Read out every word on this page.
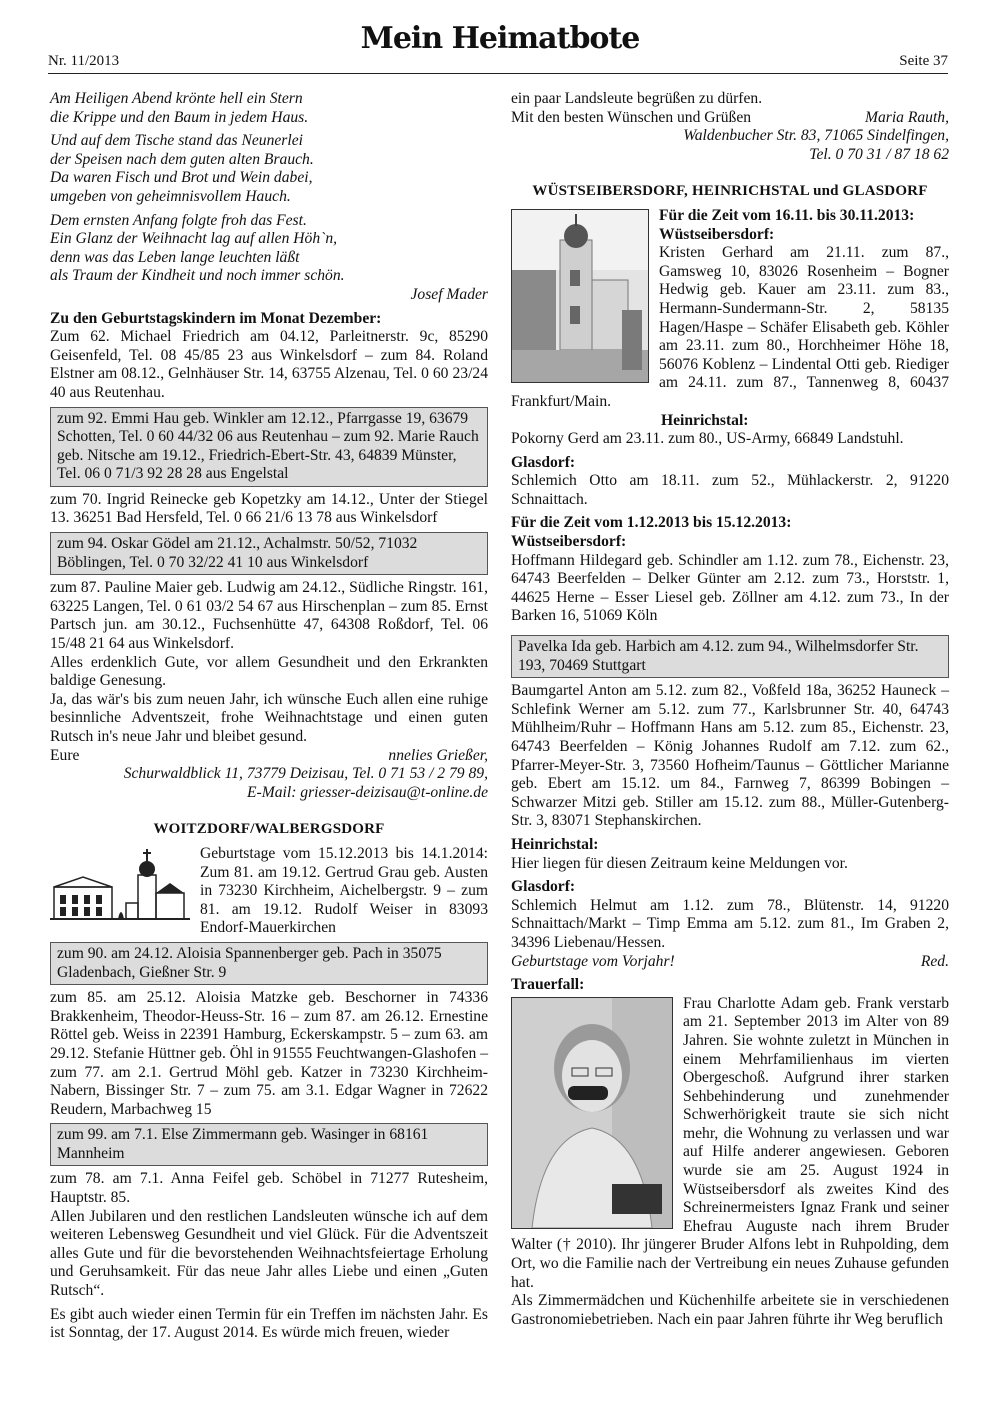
Nr. 11/2013
Mein Heimatbote
Seite 37

Am Heiligen Abend krönte hell ein Stern

die Krippe und den Baum in jedem Haus.

Und auf dem Tische stand das Neunerlei

der Speisen nach dem guten alten Brauch.

Da waren Fisch und Brot und Wein dabei,

umgeben von geheimnisvollem Hauch.

Dem ernsten Anfang folgte froh das Fest.

Ein Glanz der Weihnacht lag auf allen Höh`n,

denn was das Leben lange leuchten läßt

als Traum der Kindheit und noch immer schön.

Josef Mader

Zu den Geburtstagskindern im Monat Dezember:

Zum 62. Michael Friedrich am 04.12, Parleitnerstr. 9c, 85290 Geisenfeld, Tel. 08 45/85 23 aus Winkelsdorf – zum 84. Roland Elstner am 08.12., Gelnhäuser Str. 14, 63755 Alzenau, Tel. 0 60 23/24 40 aus Reutenhau.

zum 92. Emmi Hau geb. Winkler am 12.12., Pfarrgasse 19, 63679 Schotten, Tel. 0 60 44/32 06 aus Reutenhau – zum 92. Marie Rauch geb. Nitsche am 19.12., Friedrich-Ebert-Str. 43, 64839 Münster, Tel. 06 0 71/3 92 28 28 aus Engelstal

zum 70. Ingrid Reinecke geb Kopetzky am 14.12., Unter der Stiegel 13. 36251 Bad Hersfeld, Tel. 0 66 21/6 13 78 aus Winkelsdorf

zum 94. Oskar Gödel am 21.12., Achalmstr. 50/52, 71032 Böblingen, Tel. 0 70 32/22 41 10 aus Winkelsdorf

zum 87. Pauline Maier geb. Ludwig am 24.12., Südliche Ringstr. 161, 63225 Langen, Tel. 0 61 03/2 54 67 aus Hirschenplan – zum 85. Ernst Partsch jun. am 30.12., Fuchsenhütte 47, 64308 Roßdorf, Tel. 06 15/48 21 64 aus Winkelsdorf.

Alles erdenklich Gute, vor allem Gesundheit und den Erkrankten baldige Genesung.

Ja, das wär's bis zum neuen Jahr, ich wünsche Euch allen eine ruhige besinnliche Adventszeit, frohe Weihnachtstage und einen guten Rutsch in's neue Jahr und bleibet gesund.

Eure	nnelies Grießer,

Schurwaldblick 11, 73779 Deizisau, Tel. 0 71 53 / 2 79 89,

E-Mail: griesser-deizisau@t-online.de

WOITZDORF/WALBERGSDORF

Geburtstage vom 15.12.2013 bis 14.1.2014: Zum 81. am 19.12. Gertrud Grau geb. Austen in 73230 Kirchheim, Aichelbergstr. 9 – zum 81. am 19.12. Rudolf Weiser in 83093 Endorf-Mauerkirchen

zum 90. am 24.12. Aloisia Spannenberger geb. Pach in 35075 Gladenbach, Gießner Str. 9

zum 85. am 25.12. Aloisia Matzke geb. Beschorner in 74336 Brakkenheim, Theodor-Heuss-Str. 16 – zum 87. am 26.12. Ernestine Röttel geb. Weiss in 22391 Hamburg, Eckerskampstr. 5 – zum 63. am 29.12. Stefanie Hüttner geb. Öhl in 91555 Feuchtwangen-Glashofen – zum 77. am 2.1. Gertrud Möhl geb. Katzer in 73230 Kirchheim-Nabern, Bissinger Str. 7 – zum 75. am 3.1. Edgar Wagner in 72622 Reudern, Marbachweg 15

zum 99. am 7.1. Else Zimmermann geb. Wasinger in 68161 Mannheim

zum 78. am 7.1. Anna Feifel geb. Schöbel in 71277 Rutesheim, Hauptstr. 85.

Allen Jubilaren und den restlichen Landsleuten wünsche ich auf dem weiteren Lebensweg Gesundheit und viel Glück. Für die Adventszeit alles Gute und für die bevorstehenden Weihnachtsfeiertage Erholung und Geruhsamkeit. Für das neue Jahr alles Liebe und einen „Guten Rutsch“.

Es gibt auch wieder einen Termin für ein Treffen im nächsten Jahr. Es ist Sonntag, der 17. August 2014. Es würde mich freuen, wieder

ein paar Landsleute begrüßen zu dürfen.

Mit den besten Wünschen und Grüßen	Maria Rauth,

Waldenbucher Str. 83, 71065 Sindelfingen,

Tel. 0 70 31 / 87 18 62

WÜSTSEIBERSDORF, HEINRICHSTAL und GLASDORF

Für die Zeit vom 16.11. bis 30.11.2013:

Wüstseibersdorf:

Kristen Gerhard am 21.11. zum 87., Gamsweg 10, 83026 Rosenheim – Bogner Hedwig geb. Kauer am 23.11. zum 83., Hermann-Sundermann-Str. 2, 58135 Hagen/Haspe – Schäfer Elisabeth geb. Köhler am 23.11. zum 80., Horchheimer Höhe 18, 56076 Koblenz – Lindental Otti geb. Riediger am 24.11. zum 87., Tannenweg 8, 60437 Frankfurt/Main.

Heinrichstal:

Pokorny Gerd am 23.11. zum 80., US-Army, 66849 Landstuhl.

Glasdorf:

Schlemich Otto am 18.11. zum 52., Mühlackerstr. 2, 91220 Schnaittach.

Für die Zeit vom 1.12.2013 bis 15.12.2013:

Wüstseibersdorf:

Hoffmann Hildegard geb. Schindler am 1.12. zum 78., Eichenstr. 23, 64743 Beerfelden – Delker Günter am 2.12. zum 73., Horststr. 1, 44625 Herne – Esser Liesel geb. Zöllner am 4.12. zum 73., In der Barken 16, 51069 Köln

Pavelka Ida geb. Harbich am 4.12. zum 94., Wilhelmsdorfer Str. 193, 70469 Stuttgart

Baumgartel Anton am 5.12. zum 82., Voßfeld 18a, 36252 Hauneck – Schlefink Werner am 5.12. zum 77., Karlsbrunner Str. 40, 64743 Mühlheim/Ruhr – Hoffmann Hans am 5.12. zum 85., Eichenstr. 23, 64743 Beerfelden – König Johannes Rudolf am 7.12. zum 62., Pfarrer-Meyer-Str. 3, 73560 Hofheim/Taunus – Göttlicher Marianne geb. Ebert am 15.12. um 84., Farnweg 7, 86399 Bobingen – Schwarzer Mitzi geb. Stiller am 15.12. zum 88., Müller-Gutenberg-Str. 3, 83071 Stephanskirchen.

Heinrichstal:

Hier liegen für diesen Zeitraum keine Meldungen vor.

Glasdorf:

Schlemich Helmut am 1.12. zum 78., Blütenstr. 14, 91220 Schnaittach/Markt – Timp Emma am 5.12. zum 81., Im Graben 2, 34396 Liebenau/Hessen.

Geburtstage vom Vorjahr!	Red.

Trauerfall:

Frau Charlotte Adam geb. Frank verstarb am 21. September 2013 im Alter von 89 Jahren. Sie wohnte zuletzt in München in einem Mehrfamilienhaus im vierten Obergeschoß. Aufgrund ihrer starken Sehbehinderung und zunehmender Schwerhörigkeit traute sie sich nicht mehr, die Wohnung zu verlassen und war auf Hilfe anderer angewiesen. Geboren wurde sie am 25. August 1924 in Wüstseibersdorf als zweites Kind des Schreinermeisters Ignaz Frank und seiner Ehefrau Auguste nach ihrem Bruder Walter († 2010). Ihr jüngerer Bruder Alfons lebt in Ruhpolding, dem Ort, wo die Familie nach der Vertreibung ein neues Zuhause gefunden hat.

Als Zimmermädchen und Küchenhilfe arbeitete sie in verschiedenen Gastronomiebetrieben. Nach ein paar Jahren führte ihr Weg beruflich
